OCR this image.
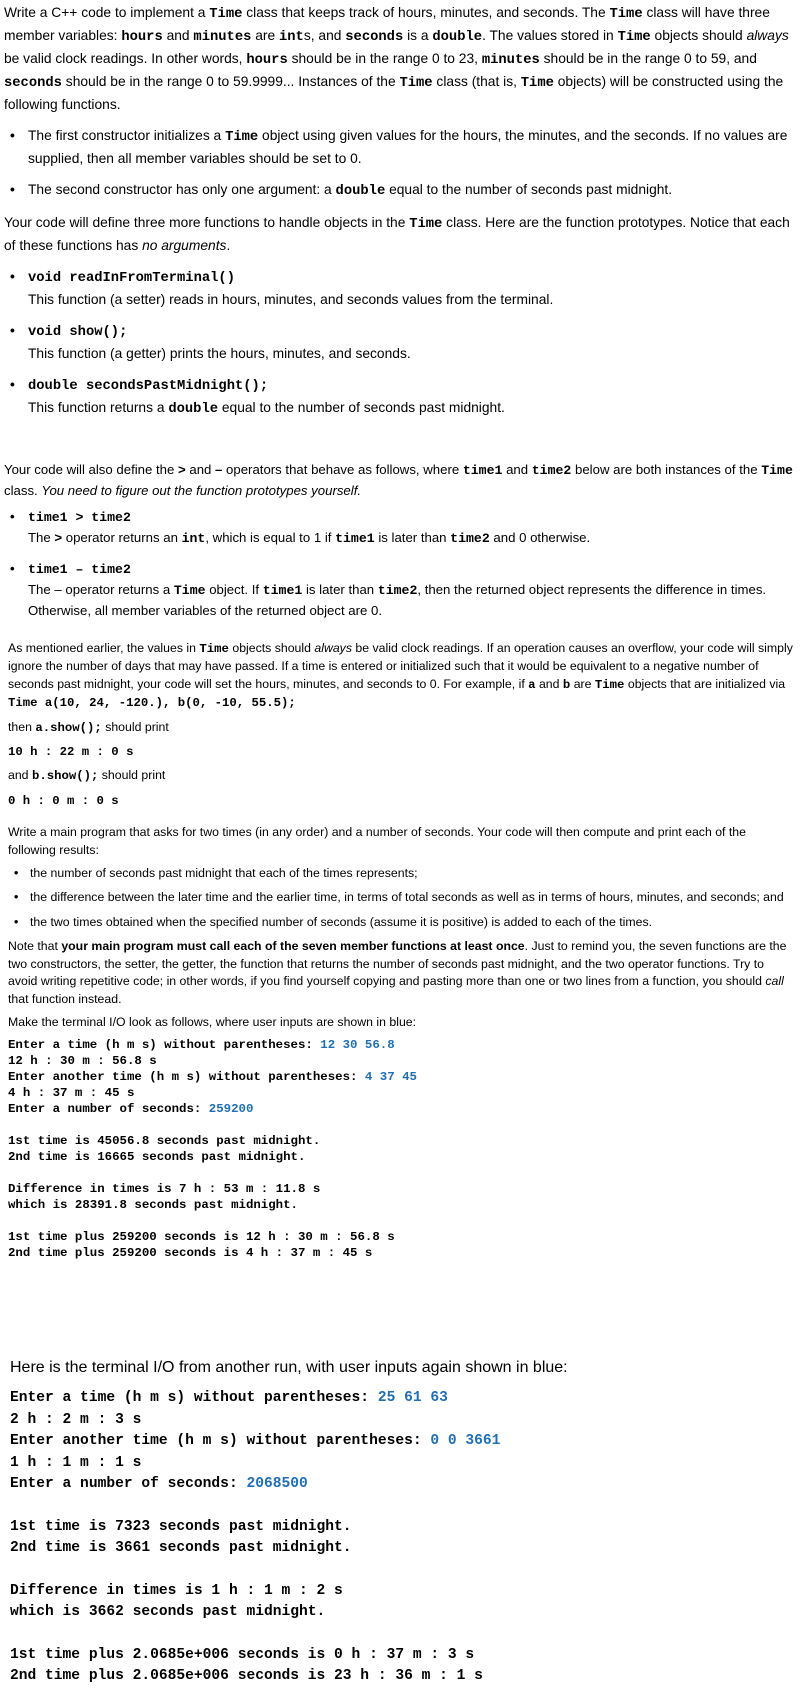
Write a C++ code to implement a Time class that keeps track of hours, minutes, and seconds. The Time class will have three member variables: hours and minutes are ints, and seconds is a double. The values stored in Time objects should always be valid clock readings. In other words, hours should be in the range 0 to 23, minutes should be in the range 0 to 59, and seconds should be in the range 0 to 59.9999... Instances of the Time class (that is, Time objects) will be constructed using the following functions.

• The first constructor initializes a Time object using given values for the hours, the minutes, and the seconds. If no values are supplied, then all member variables should be set to 0.
• The second constructor has only one argument: a double equal to the number of seconds past midnight.

Your code will define three more functions to handle objects in the Time class. Here are the function prototypes. Notice that each of these functions has no arguments.

• void readInFromTerminal()
This function (a setter) reads in hours, minutes, and seconds values from the terminal.
• void show();
This function (a getter) prints the hours, minutes, and seconds.
• double secondsPastMidnight();
This function returns a double equal to the number of seconds past midnight.

Your code will also define the > and – operators that behave as follows, where time1 and time2 below are both instances of the Time class. You need to figure out the function prototypes yourself.

• time1 > time2
The > operator returns an int, which is equal to 1 if time1 is later than time2 and 0 otherwise.
• time1 – time2
The – operator returns a Time object. If time1 is later than time2, then the returned object represents the difference in times. Otherwise, all member variables of the returned object are 0.

As mentioned earlier, the values in Time objects should always be valid clock readings. If an operation causes an overflow, your code will simply ignore the number of days that may have passed. If a time is entered or initialized such that it would be equivalent to a negative number of seconds past midnight, your code will set the hours, minutes, and seconds to 0. For example, if a and b are Time objects that are initialized via Time a(10, 24, -120.), b(0, -10, 55.5);

then a.show(); should print

10 h : 22 m : 0 s

and b.show(); should print

0 h : 0 m : 0 s

Write a main program that asks for two times (in any order) and a number of seconds. Your code will then compute and print each of the following results:

• the number of seconds past midnight that each of the times represents;
• the difference between the later time and the earlier time, in terms of total seconds as well as in terms of hours, minutes, and seconds; and
• the two times obtained when the specified number of seconds (assume it is positive) is added to each of the times.

Note that your main program must call each of the seven member functions at least once. Just to remind you, the seven functions are the two constructors, the setter, the getter, the function that returns the number of seconds past midnight, and the two operator functions. Try to avoid writing repetitive code; in other words, if you find yourself copying and pasting more than one or two lines from a function, you should call that function instead.

Make the terminal I/O look as follows, where user inputs are shown in blue:

Enter a time (h m s) without parentheses: 12 30 56.8
12 h : 30 m : 56.8 s
Enter another time (h m s) without parentheses: 4 37 45
4 h : 37 m : 45 s
Enter a number of seconds: 259200
1st time is 45056.8 seconds past midnight.
2nd time is 16665 seconds past midnight.
Difference in times is 7 h : 53 m : 11.8 s
which is 28391.8 seconds past midnight.
1st time plus 259200 seconds is 12 h : 30 m : 56.8 s
2nd time plus 259200 seconds is 4 h : 37 m : 45 s
Here is the terminal I/O from another run, with user inputs again shown in blue:
Enter a time (h m s) without parentheses: 25 61 63
2 h : 2 m : 3 s
Enter another time (h m s) without parentheses: 0 0 3661
1 h : 1 m : 1 s
Enter a number of seconds: 2068500
1st time is 7323 seconds past midnight.
2nd time is 3661 seconds past midnight.
Difference in times is 1 h : 1 m : 2 s
which is 3662 seconds past midnight.
1st time plus 2.0685e+006 seconds is 0 h : 37 m : 3 s
2nd time plus 2.0685e+006 seconds is 23 h : 36 m : 1 s
